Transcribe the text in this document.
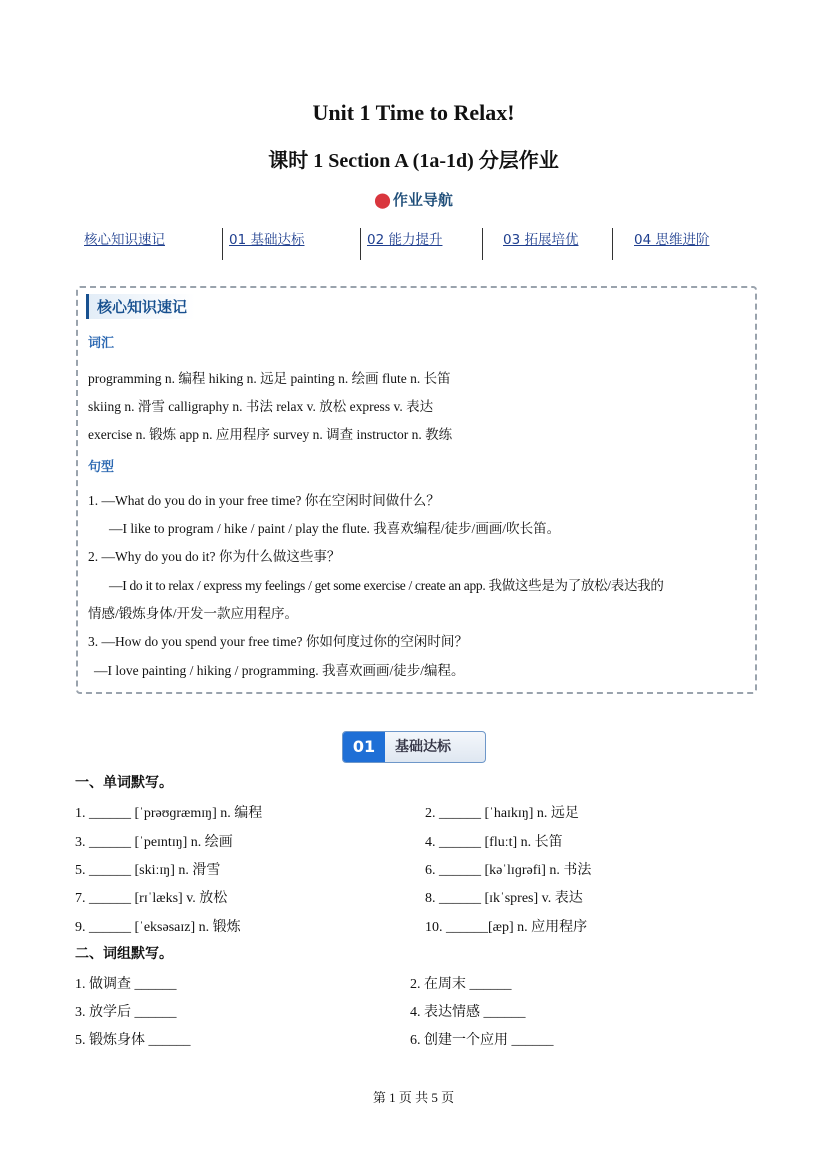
Unit 1 Time to Relax!
课时 1 Section A (1a-1d) 分层作业
⬤ 作业导航
核心知识速记	01 基础达标	02 能力提升	03 拓展培优	04 思维进阶
核心知识速记
词汇
programming n. 编程 hiking n. 远足 painting n. 绘画 flute n. 长笛
skiing n. 滑雪 calligraphy n. 书法 relax v. 放松 express v. 表达
exercise n. 锻炼 app n. 应用程序 survey n. 调查 instructor n. 教练
句型
1. —What do you do in your free time? 你在空闲时间做什么？
—I like to program / hike / paint / play the flute. 我喜欢编程/徒步/画画/吹长笛。
2. —Why do you do it? 你为什么做这些事？
—I do it to relax / express my feelings / get some exercise / create an app. 我做这些是为了放松/表达我的
情感/锻炼身体/开发一款应用程序。
3. —How do you spend your free time? 你如何度过你的空闲时间？
—I love painting / hiking / programming. 我喜欢画画/徒步/编程。
01	基础达标
一、单词默写。
1. ______ [ˈprəʊɡræmɪŋ] n. 编程	2. ______ [ˈhaɪkɪŋ] n. 远足
3. ______ [ˈpeɪntɪŋ] n. 绘画	4. ______ [fluːt] n. 长笛
5. ______ [skiːɪŋ] n. 滑雪	6. ______ [kəˈlɪɡrəfi] n. 书法
7. ______ [rɪˈlæks] v. 放松	8. ______ [ɪkˈspres] v. 表达
9. ______ [ˈeksəsaɪz] n. 锻炼	10. ______[æp] n. 应用程序
二、词组默写。
1. 做调查 ______	2. 在周末 ______
3. 放学后 ______	4. 表达情感 ______
5. 锻炼身体 ______	6. 创建一个应用 ______
第 1 页 共 5 页
